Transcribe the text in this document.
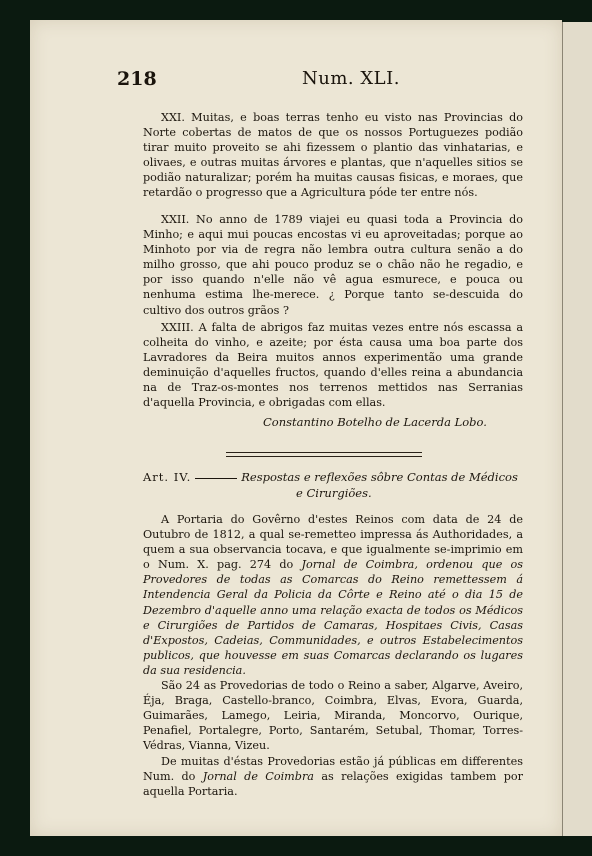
218	Num. XLI.

XXI. Muitas, e boas terras tenho eu visto nas Provincias do Norte cobertas de matos de que os nossos Portuguezes podião tirar muito proveito se ahi fizessem o plantio das vinhatarias, e olivaes, e outras muitas árvores e plantas, que n'aquelles sitios se podião naturalizar; porém ha muitas causas fisicas, e moraes, que retardão o progresso que a Agricultura póde ter entre nós.

XXII. No anno de 1789 viajei eu quasi toda a Provincia do Minho; e aqui mui poucas encostas vi eu aproveitadas; porque ao Minhoto por via de regra não lembra outra cultura senão a do milho grosso, que ahi pouco produz se o chão não he regadio, e por isso quando n'elle não vê agua esmurece, e pouca ou nenhuma estima lhe-merece. ¿ Porque tanto se-descuida do cultivo dos outros grãos ?

XXIII. A falta de abrigos faz muitas vezes entre nós escassa a colheita do vinho, e azeite; por ésta causa uma boa parte dos Lavradores da Beira muitos annos experimentão uma grande deminuição d'aquelles fructos, quando d'elles reina a abundancia na de Traz-os-montes nos terrenos mettidos nas Serranias d'aquella Provincia, e obrigadas com ellas.

Constantino Botelho de Lacerda Lobo.
Art. IV.	Respostas e reflexões sôbre Contas de Médicos
e Cirurgiões.

A Portaria do Govêrno d'estes Reinos com data de 24 de Outubro de 1812, a qual se-remetteo impressa ás Authoridades, a quem a sua observancia tocava, e que igualmente se-imprimio em o Num. X. pag. 274 do Jornal de Coimbra, ordenou que os Provedores de todas as Comarcas do Reino remettessem á Intendencia Geral da Policia da Côrte e Reino até o dia 15 de Dezembro d'aquelle anno uma relação exacta de todos os Médicos e Cirurgiões de Partidos de Camaras, Hospitaes Civis, Casas d'Expostos, Cadeias, Communidades, e outros Estabelecimentos publicos, que houvesse em suas Comarcas declarando os lugares da sua residencia.

São 24 as Provedorias de todo o Reino a saber, Algarve, Aveiro, Éja, Braga, Castello-branco, Coimbra, Elvas, Evora, Guarda, Guimarães, Lamego, Leiria, Miranda, Moncorvo, Ourique, Penafiel, Portalegre, Porto, Santarém, Setubal, Thomar, Torres-Védras, Vianna, Vizeu.

De muitas d'éstas Provedorias estão já públicas em differentes Num. do Jornal de Coimbra as relações exigidas tambem por aquella Portaria.
